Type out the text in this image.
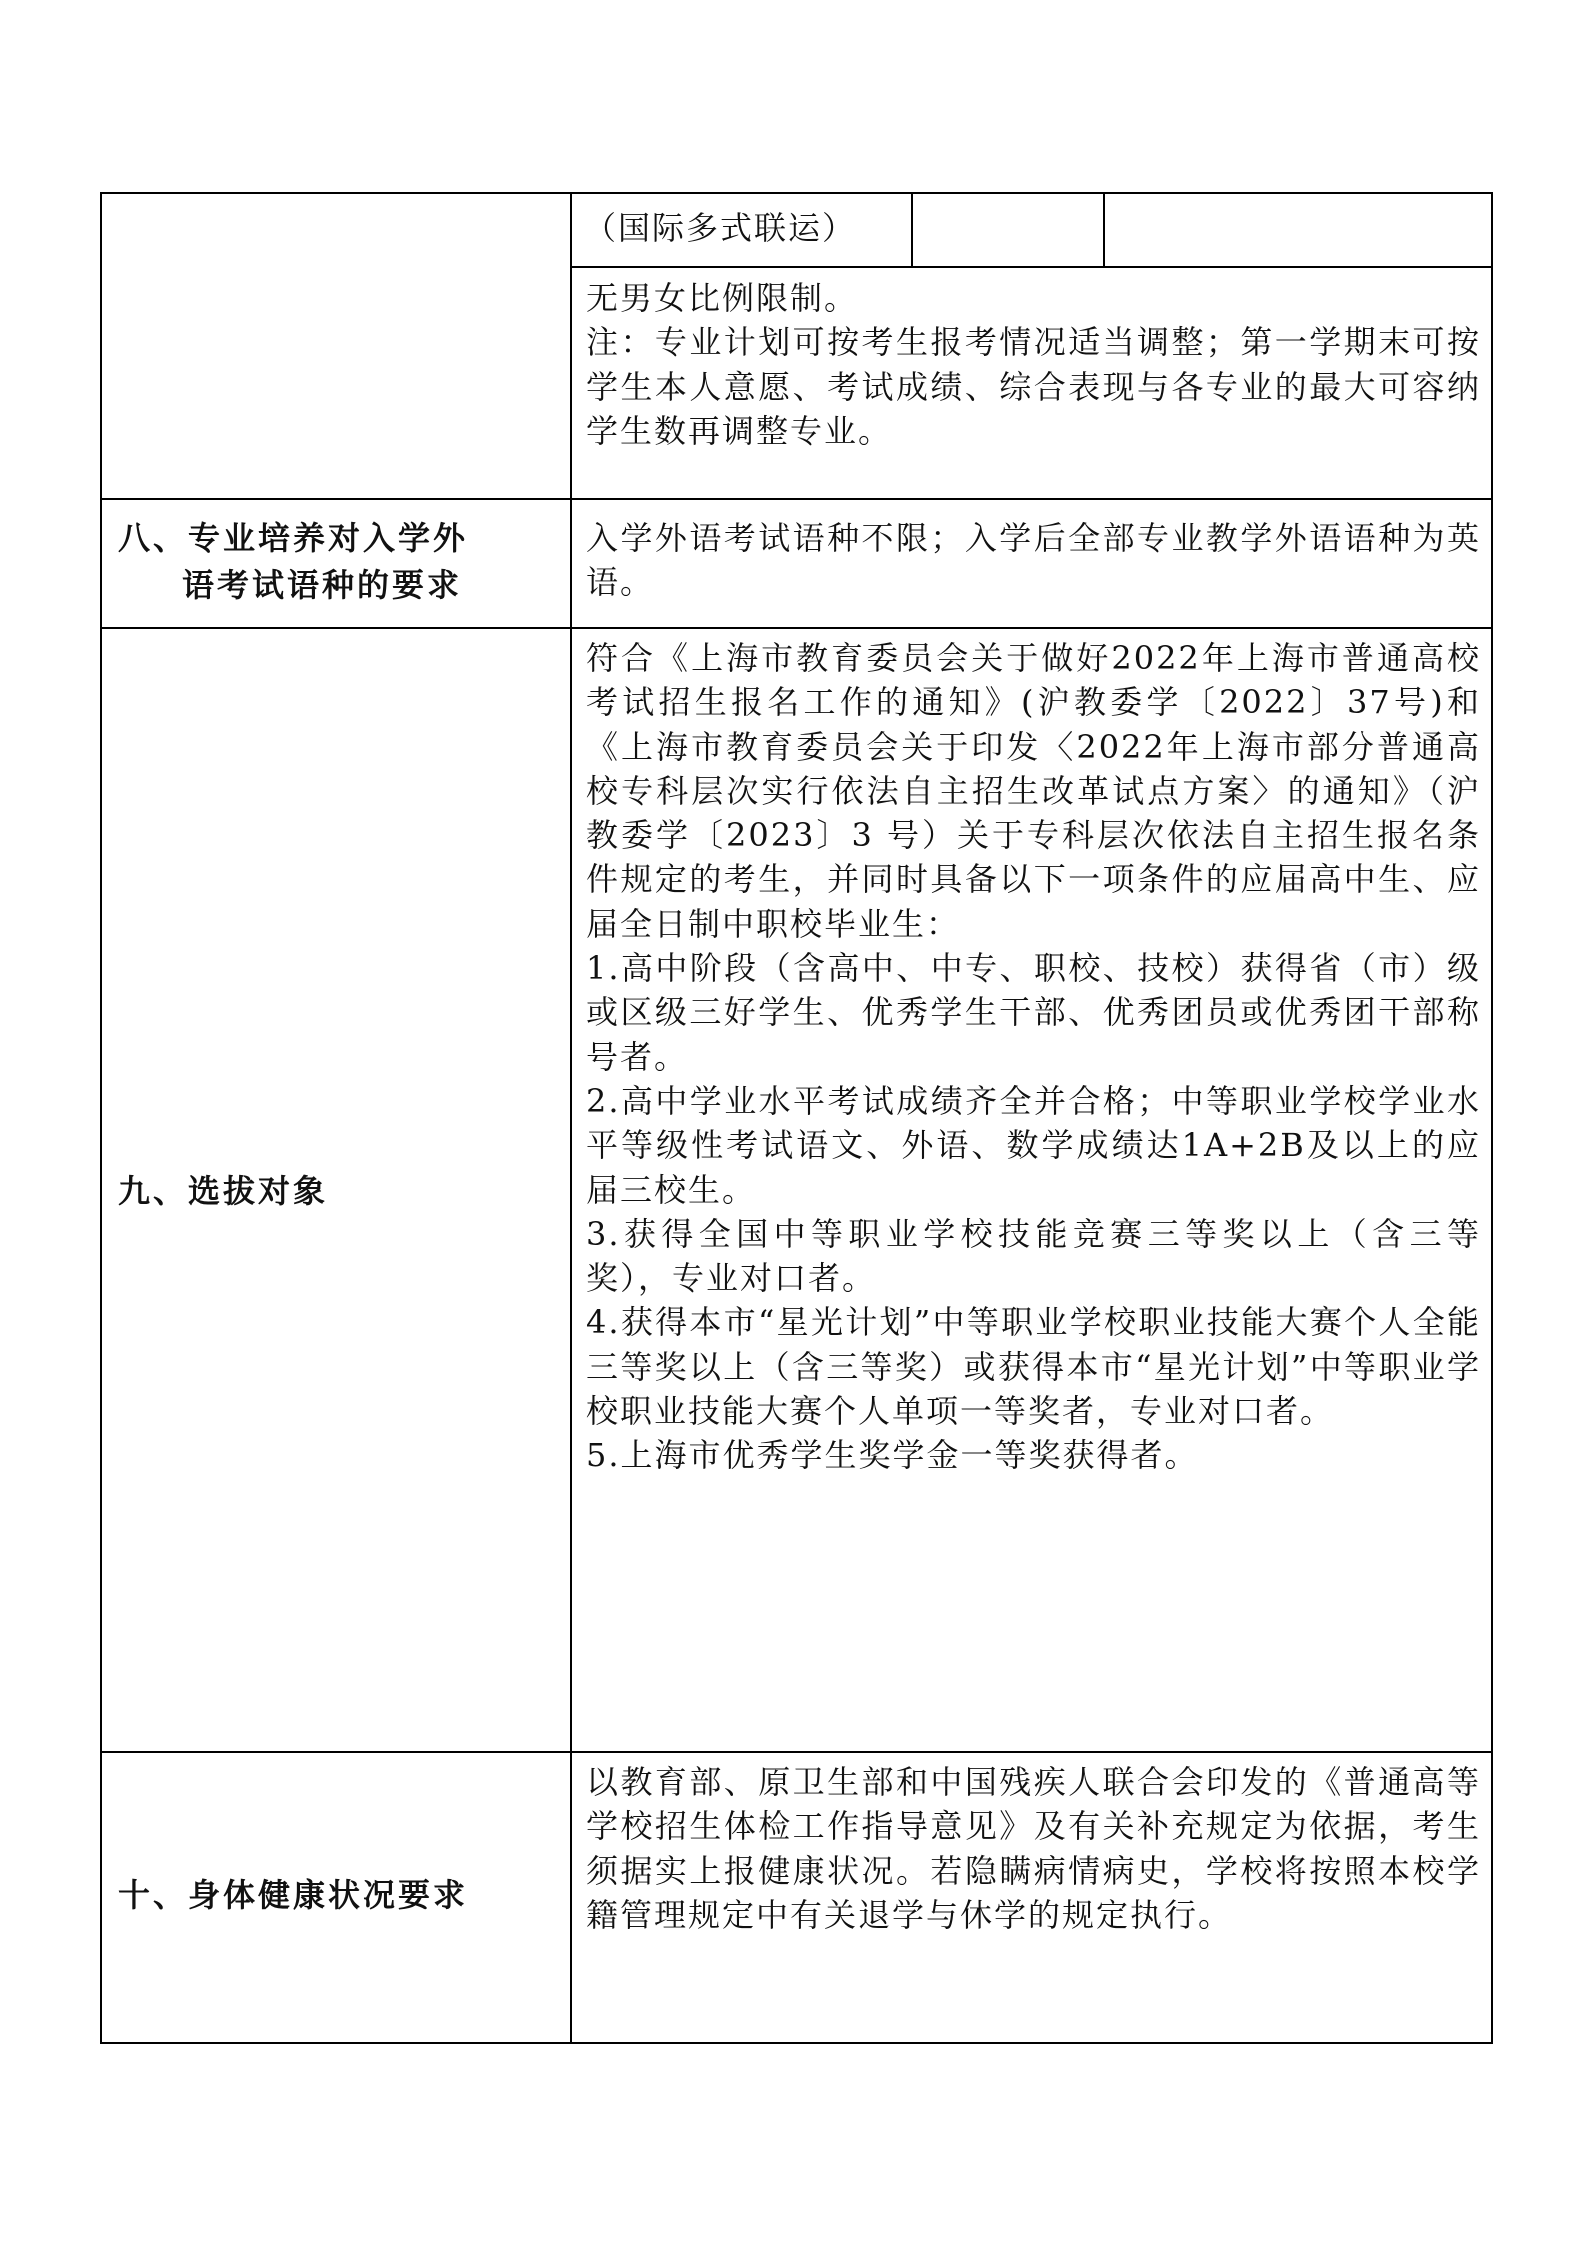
（国际多式联运）

无男女比例限制。

注：专业计划可按考生报考情况适当调整；第一学期末可按学生本人意愿、考试成绩、综合表现与各专业的最大可容纳学生数再调整专业。

八、专业培养对入学外
语考试语种的要求

入学外语考试语种不限；入学后全部专业教学外语语种为英语。

九、选拔对象

符合《上海市教育委员会关于做好2022年上海市普通高校考试招生报名工作的通知》(沪教委学〔2022〕37号)和《上海市教育委员会关于印发〈2022年上海市部分普通高校专科层次实行依法自主招生改革试点方案〉的通知》（沪教委学〔2023〕3 号）关于专科层次依法自主招生报名条件规定的考生，并同时具备以下一项条件的应届高中生、应届全日制中职校毕业生：

1.高中阶段（含高中、中专、职校、技校）获得省（市）级或区级三好学生、优秀学生干部、优秀团员或优秀团干部称号者。

2.高中学业水平考试成绩齐全并合格；中等职业学校学业水平等级性考试语文、外语、数学成绩达1A+2B及以上的应届三校生。

3.获得全国中等职业学校技能竞赛三等奖以上（含三等奖），专业对口者。

4.获得本市“星光计划”中等职业学校职业技能大赛个人全能三等奖以上（含三等奖）或获得本市“星光计划”中等职业学校职业技能大赛个人单项一等奖者，专业对口者。

5.上海市优秀学生奖学金一等奖获得者。

十、身体健康状况要求

以教育部、原卫生部和中国残疾人联合会印发的《普通高等学校招生体检工作指导意见》及有关补充规定为依据，考生须据实上报健康状况。若隐瞒病情病史，学校将按照本校学籍管理规定中有关退学与休学的规定执行。
